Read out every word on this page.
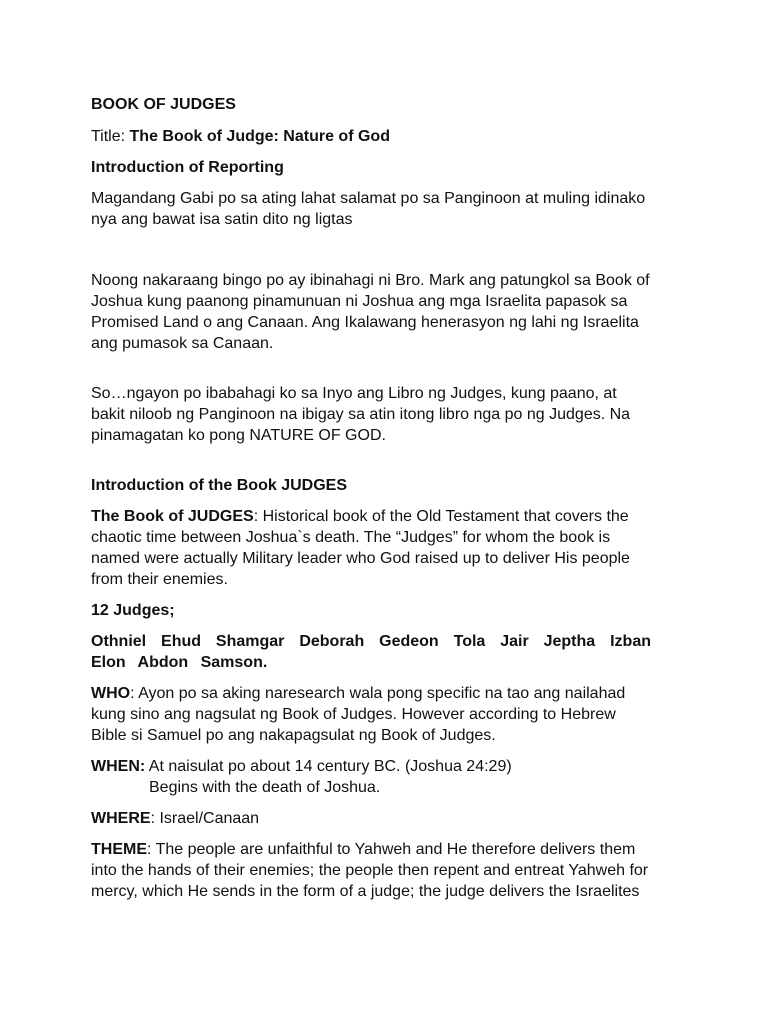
BOOK OF JUDGES

Title: The Book of Judge: Nature of God

Introduction of Reporting

Magandang Gabi po sa ating lahat salamat po sa Panginoon at muling idinako nya ang bawat isa satin dito ng ligtas

Noong nakaraang bingo po ay ibinahagi ni Bro. Mark ang patungkol sa Book of Joshua kung paanong pinamunuan ni Joshua ang mga Israelita papasok sa Promised Land o ang Canaan. Ang Ikalawang henerasyon ng lahi ng Israelita ang pumasok sa Canaan.

So…ngayon po ibabahagi ko sa Inyo ang Libro ng Judges, kung paano, at bakit niloob ng Panginoon na ibigay sa atin itong libro nga po ng Judges. Na pinamagatan ko pong NATURE OF GOD.

Introduction of the Book JUDGES

The Book of JUDGES: Historical book of the Old Testament that covers the chaotic time between Joshua`s death. The “Judges” for whom the book is named were actually Military leader who God raised up to deliver His people from their enemies.

12 Judges;

Othniel Ehud Shamgar Deborah Gedeon Tola Jair Jeptha Izban
Elon Abdon Samson.

WHO: Ayon po sa aking naresearch wala pong specific na tao ang nailahad kung sino ang nagsulat ng Book of Judges. However according to Hebrew Bible si Samuel po ang nakapagsulat ng Book of Judges.

WHEN: At naisulat po about 14 century BC. (Joshua 24:29)
Begins with the death of Joshua.

WHERE: Israel/Canaan

THEME: The people are unfaithful to Yahweh and He therefore delivers them into the hands of their enemies; the people then repent and entreat Yahweh for mercy, which He sends in the form of a judge; the judge delivers the Israelites
